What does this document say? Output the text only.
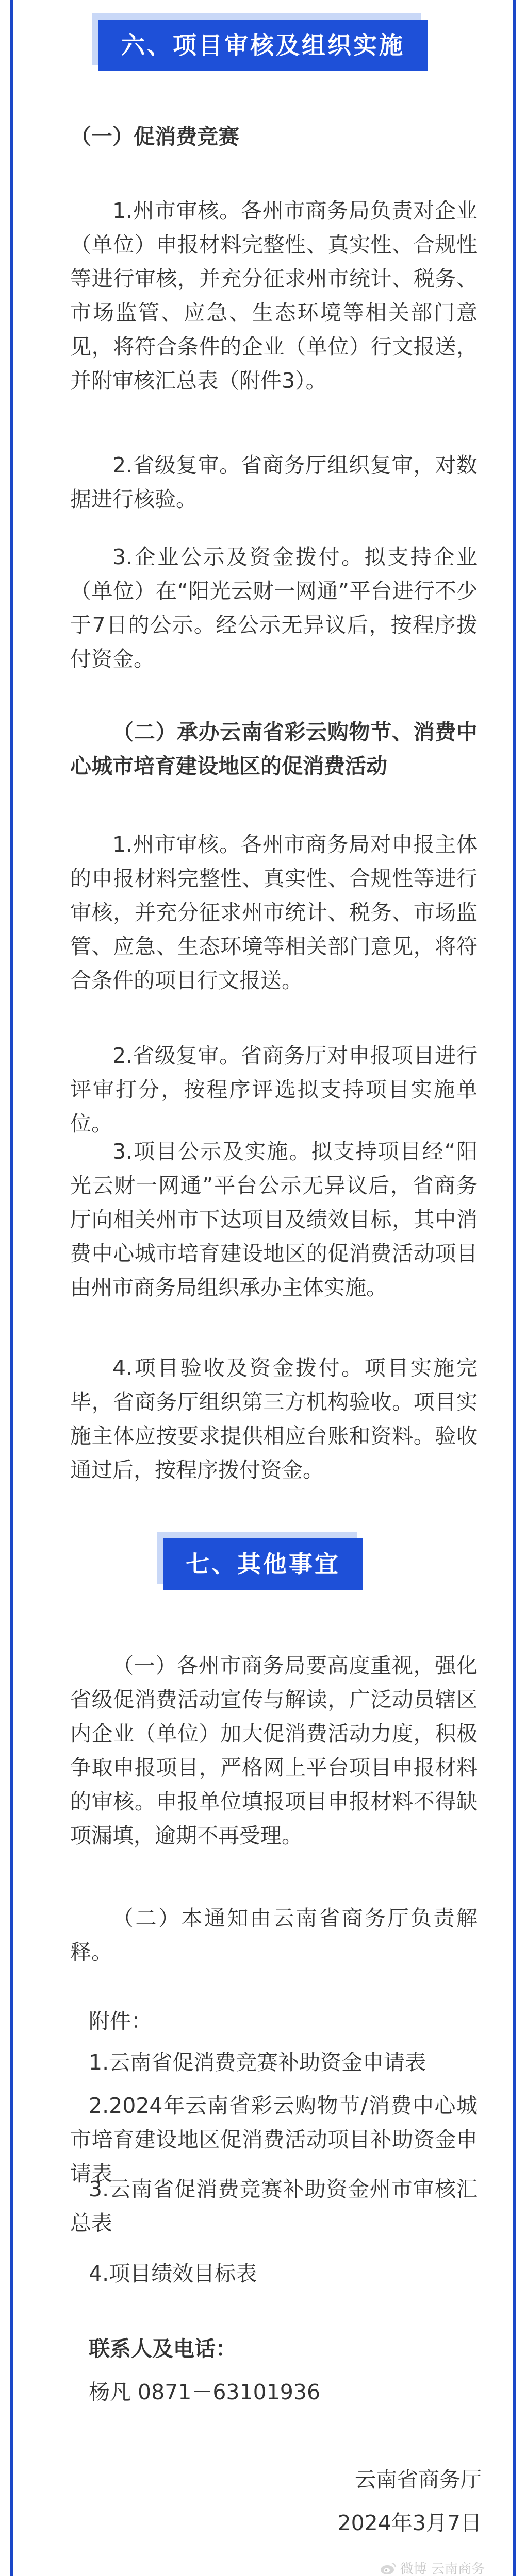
六、项目审核及组织实施
（一）促消费竞赛
1.州市审核。各州市商务局负责对企业（单位）申报材料完整性、真实性、合规性等进行审核，并充分征求州市统计、税务、市场监管、应急、生态环境等相关部门意见，将符合条件的企业（单位）行文报送，并附审核汇总表（附件3）。
2.省级复审。省商务厅组织复审，对数据进行核验。
3.企业公示及资金拨付。拟支持企业（单位）在“阳光云财一网通”平台进行不少于7日的公示。经公示无异议后，按程序拨付资金。
（二）承办云南省彩云购物节、消费中心城市培育建设地区的促消费活动
1.州市审核。各州市商务局对申报主体的申报材料完整性、真实性、合规性等进行审核，并充分征求州市统计、税务、市场监管、应急、生态环境等相关部门意见，将符合条件的项目行文报送。
2.省级复审。省商务厅对申报项目进行评审打分，按程序评选拟支持项目实施单位。
3.项目公示及实施。拟支持项目经“阳光云财一网通”平台公示无异议后，省商务厅向相关州市下达项目及绩效目标，其中消费中心城市培育建设地区的促消费活动项目由州市商务局组织承办主体实施。
4.项目验收及资金拨付。项目实施完毕，省商务厅组织第三方机构验收。项目实施主体应按要求提供相应台账和资料。验收通过后，按程序拨付资金。
七、其他事宜
（一）各州市商务局要高度重视，强化省级促消费活动宣传与解读，广泛动员辖区内企业（单位）加大促消费活动力度，积极争取申报项目，严格网上平台项目申报材料的审核。申报单位填报项目申报材料不得缺项漏填，逾期不再受理。
（二）本通知由云南省商务厅负责解释。
附件：
1.云南省促消费竞赛补助资金申请表
2.2024年云南省彩云购物节/消费中心城市培育建设地区促消费活动项目补助资金申请表
3.云南省促消费竞赛补助资金州市审核汇总表
4.项目绩效目标表
联系人及电话：
杨凡 0871－63101936
云南省商务厅
2024年3月7日
微博 云南商务
